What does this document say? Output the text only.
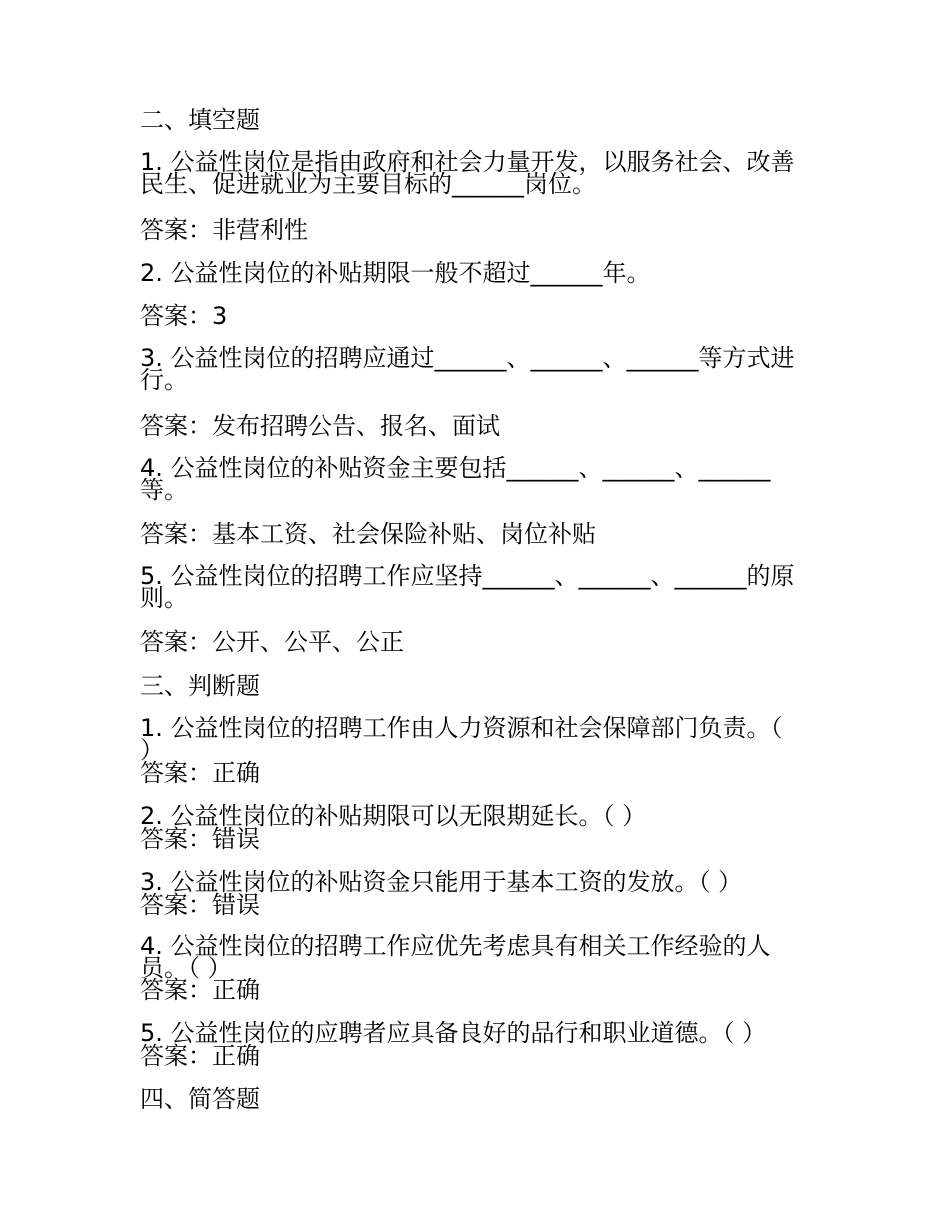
二、填空题
1. 公益性岗位是指由政府和社会力量开发，以服务社会、改善民生、促进就业为主要目标的______岗位。
答案：非营利性
2. 公益性岗位的补贴期限一般不超过______年。
答案：3
3. 公益性岗位的招聘应通过______、______、______等方式进行。
答案：发布招聘公告、报名、面试
4. 公益性岗位的补贴资金主要包括______、______、______等。
答案：基本工资、社会保险补贴、岗位补贴
5. 公益性岗位的招聘工作应坚持______、______、______的原则。
答案：公开、公平、公正
三、判断题
1. 公益性岗位的招聘工作由人力资源和社会保障部门负责。（ ）
答案：正确
2. 公益性岗位的补贴期限可以无限期延长。（ ）
答案：错误
3. 公益性岗位的补贴资金只能用于基本工资的发放。（ ）
答案：错误
4. 公益性岗位的招聘工作应优先考虑具有相关工作经验的人员。（ ）
答案：正确
5. 公益性岗位的应聘者应具备良好的品行和职业道德。（ ）
答案：正确
四、简答题
